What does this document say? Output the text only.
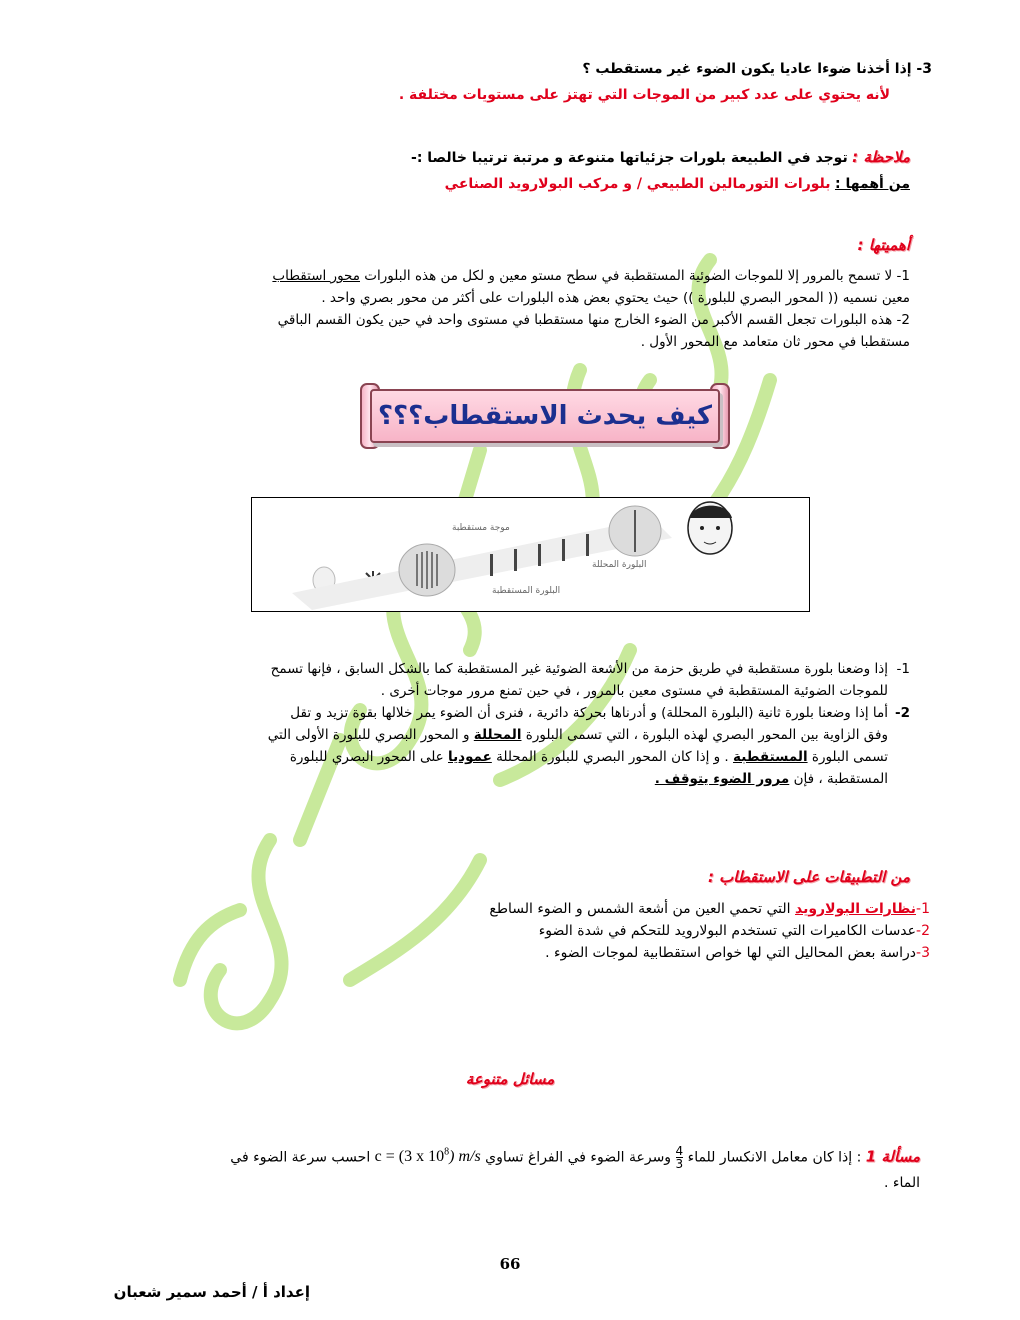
3- إذا أخذنا ضوءا عاديا يكون الضوء غير مستقطب ؟
لأنه يحتوي على عدد كبير من الموجات التي تهتز على مستويات مختلفة .
ملاحظة : توجد في الطبيعة بلورات جزئياتها متنوعة و مرتبة ترتيبا خالصا :-
من أهمها : بلورات التورمالين الطبيعي / و مركب البولارويد الصناعي
أهميتها :
1- لا تسمح بالمرور إلا للموجات الضوئية المستقطبة في سطح مستو معين و لكل من هذه البلورات محور استقطاب
معين نسميه (( المحور البصري للبلورة )) حيث يحتوي بعض هذه البلورات على أكثر من محور بصري واحد .
2- هذه البلورات تجعل القسم الأكبر من الضوء الخارج منها مستقطبا في مستوى واحد في حين يكون القسم الباقي
مستقطبا في محور ثان متعامد مع المحور الأول .
كيف يحدث الاستقطاب؟؟؟
موجة مستقطبة
البلورة المحللة
البلورة المستقطبة
1-
إذا وضعنا بلورة مستقطبة في طريق حزمة من الأشعة الضوئية غير المستقطبة كما بالشكل السابق ، فإنها تسمح
للموجات الضوئية المستقطبة في مستوى معين بالمرور ، في حين تمنع مرور موجات أخرى .
2-
أما إذا وضعنا بلورة ثانية (البلورة المحللة) و أدرناها بحركة دائرية ، فنرى أن الضوء يمر خلالها بقوة تزيد و تقل
وفق الزاوية بين المحور البصري لهذه البلورة ، التي تسمى البلورة المحللة و المحور البصري للبلورة الأولى التي
تسمى البلورة المستقطبة . و إذا كان المحور البصري للبلورة المحللة عموديا على المحور البصري للبلورة
المستقطبة ، فإن مرور الضوء يتوقف .
من التطبيقات على الاستقطاب :
1-نظارات البولارويد التي تحمي العين من أشعة الشمس و الضوء الساطع
2-عدسات الكاميرات التي تستخدم البولارويد للتحكم في شدة الضوء
3-دراسة بعض المحاليل التي لها خواص استقطابية لموجات الضوء .
مسائل متنوعة
مسألة 1 : إذا كان معامل الانكسار للماء
$\frac{4}{3}$
وسرعة الضوء في الفراغ تساوي c = (3 x $10^8$) m/s احسب سرعة الضوء في
الماء .
66
إعداد أ / أحمد سمير شعبان
